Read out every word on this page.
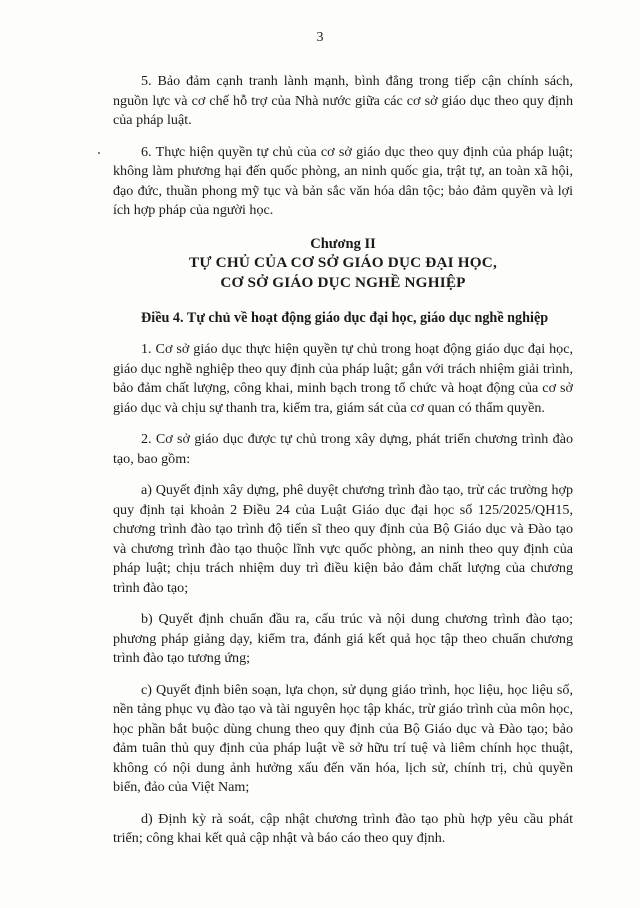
3

5. Bảo đảm cạnh tranh lành mạnh, bình đẳng trong tiếp cận chính sách, nguồn lực và cơ chế hỗ trợ của Nhà nước giữa các cơ sở giáo dục theo quy định của pháp luật.

6. Thực hiện quyền tự chủ của cơ sở giáo dục theo quy định của pháp luật; không làm phương hại đến quốc phòng, an ninh quốc gia, trật tự, an toàn xã hội, đạo đức, thuần phong mỹ tục và bản sắc văn hóa dân tộc; bảo đảm quyền và lợi ích hợp pháp của người học.

Chương II
TỰ CHỦ CỦA CƠ SỞ GIÁO DỤC ĐẠI HỌC,
CƠ SỞ GIÁO DỤC NGHỀ NGHIỆP

Điều 4. Tự chủ về hoạt động giáo dục đại học, giáo dục nghề nghiệp

1. Cơ sở giáo dục thực hiện quyền tự chủ trong hoạt động giáo dục đại học, giáo dục nghề nghiệp theo quy định của pháp luật; gắn với trách nhiệm giải trình, bảo đảm chất lượng, công khai, minh bạch trong tổ chức và hoạt động của cơ sở giáo dục và chịu sự thanh tra, kiểm tra, giám sát của cơ quan có thẩm quyền.

2. Cơ sở giáo dục được tự chủ trong xây dựng, phát triển chương trình đào tạo, bao gồm:

a) Quyết định xây dựng, phê duyệt chương trình đào tạo, trừ các trường hợp quy định tại khoản 2 Điều 24 của Luật Giáo dục đại học số 125/2025/QH15, chương trình đào tạo trình độ tiến sĩ theo quy định của Bộ Giáo dục và Đào tạo và chương trình đào tạo thuộc lĩnh vực quốc phòng, an ninh theo quy định của pháp luật; chịu trách nhiệm duy trì điều kiện bảo đảm chất lượng của chương trình đào tạo;

b) Quyết định chuẩn đầu ra, cấu trúc và nội dung chương trình đào tạo; phương pháp giảng dạy, kiểm tra, đánh giá kết quả học tập theo chuẩn chương trình đào tạo tương ứng;

c) Quyết định biên soạn, lựa chọn, sử dụng giáo trình, học liệu, học liệu số, nền tảng phục vụ đào tạo và tài nguyên học tập khác, trừ giáo trình của môn học, học phần bắt buộc dùng chung theo quy định của Bộ Giáo dục và Đào tạo; bảo đảm tuân thủ quy định của pháp luật về sở hữu trí tuệ và liêm chính học thuật, không có nội dung ảnh hưởng xấu đến văn hóa, lịch sử, chính trị, chủ quyền biển, đảo của Việt Nam;

d) Định kỳ rà soát, cập nhật chương trình đào tạo phù hợp yêu cầu phát triển; công khai kết quả cập nhật và báo cáo theo quy định.
